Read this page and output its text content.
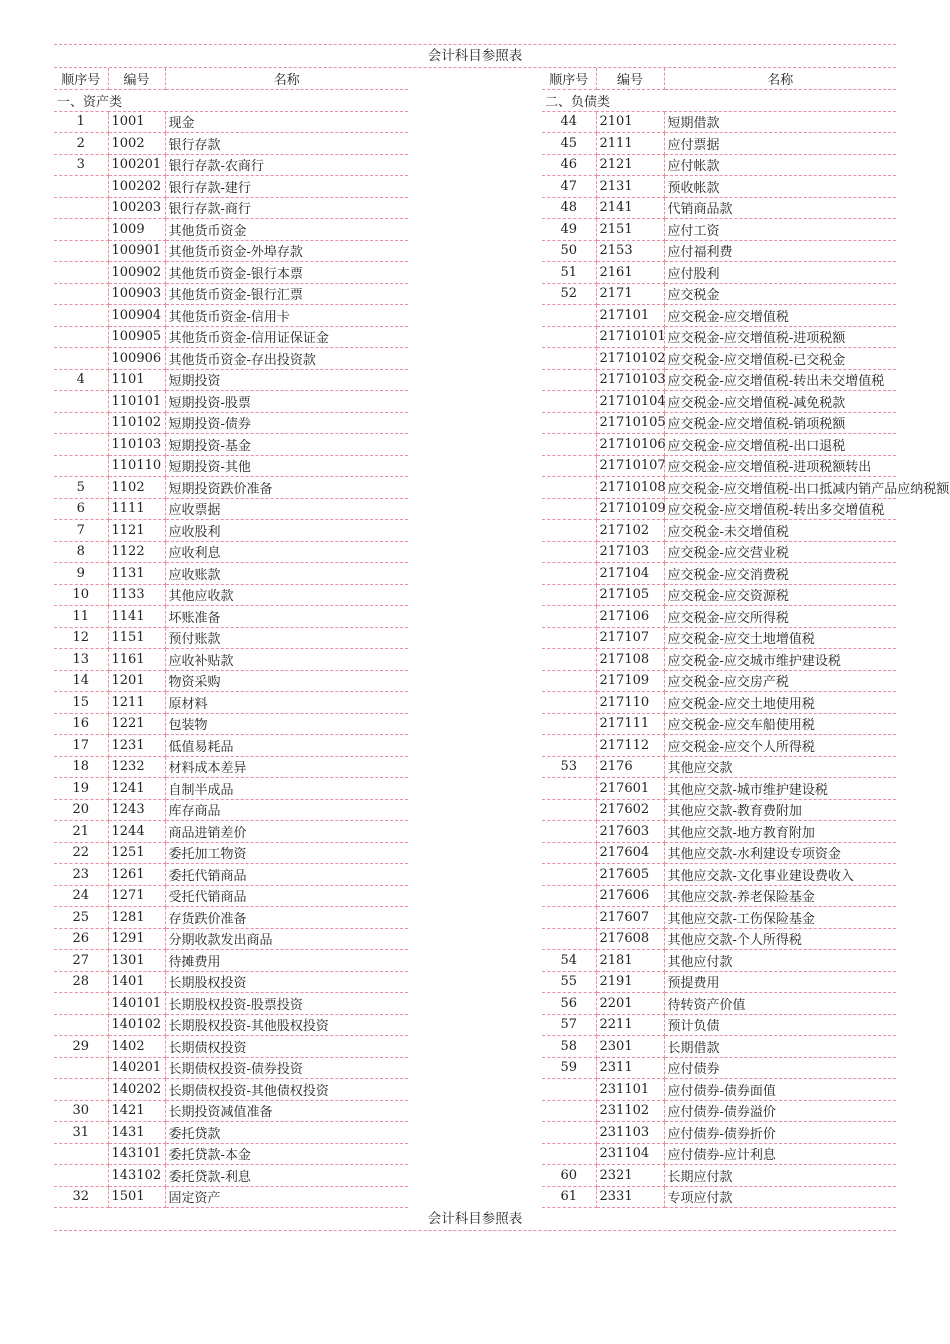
会计科目参照表
顺序号	编号	名称
一、资产类		
1	1001	现金
2	1002	银行存款
3	100201	银行存款-农商行
	100202	银行存款-建行
	100203	银行存款-商行
	1009	其他货币资金
	100901	其他货币资金-外埠存款
	100902	其他货币资金-银行本票
	100903	其他货币资金-银行汇票
	100904	其他货币资金-信用卡
	100905	其他货币资金-信用证保证金
	100906	其他货币资金-存出投资款
4	1101	短期投资
	110101	短期投资-股票
	110102	短期投资-债券
	110103	短期投资-基金
	110110	短期投资-其他
5	1102	短期投资跌价准备
6	1111	应收票据
7	1121	应收股利
8	1122	应收利息
9	1131	应收账款
10	1133	其他应收款
11	1141	坏账准备
12	1151	预付账款
13	1161	应收补贴款
14	1201	物资采购
15	1211	原材料
16	1221	包装物
17	1231	低值易耗品
18	1232	材料成本差异
19	1241	自制半成品
20	1243	库存商品
21	1244	商品进销差价
22	1251	委托加工物资
23	1261	委托代销商品
24	1271	受托代销商品
25	1281	存货跌价准备
26	1291	分期收款发出商品
27	1301	待摊费用
28	1401	长期股权投资
	140101	长期股权投资-股票投资
	140102	长期股权投资-其他股权投资
29	1402	长期债权投资
	140201	长期债权投资-债券投资
	140202	长期债权投资-其他债权投资
30	1421	长期投资减值准备
31	1431	委托贷款
	143101	委托贷款-本金
	143102	委托贷款-利息
32	1501	固定资产
顺序号	编号	名称
二、负债类		
44	2101	短期借款
45	2111	应付票据
46	2121	应付帐款
47	2131	预收帐款
48	2141	代销商品款
49	2151	应付工资
50	2153	应付福利费
51	2161	应付股利
52	2171	应交税金
	217101	应交税金-应交增值税
	21710101	应交税金-应交增值税-进项税额
	21710102	应交税金-应交增值税-已交税金
	21710103	应交税金-应交增值税-转出未交增值税
	21710104	应交税金-应交增值税-减免税款
	21710105	应交税金-应交增值税-销项税额
	21710106	应交税金-应交增值税-出口退税
	21710107	应交税金-应交增值税-进项税额转出
	21710108	应交税金-应交增值税-出口抵减内销产品应纳税额
	21710109	应交税金-应交增值税-转出多交增值税
	217102	应交税金-未交增值税
	217103	应交税金-应交营业税
	217104	应交税金-应交消费税
	217105	应交税金-应交资源税
	217106	应交税金-应交所得税
	217107	应交税金-应交土地增值税
	217108	应交税金-应交城市维护建设税
	217109	应交税金-应交房产税
	217110	应交税金-应交土地使用税
	217111	应交税金-应交车船使用税
	217112	应交税金-应交个人所得税
53	2176	其他应交款
	217601	其他应交款-城市维护建设税
	217602	其他应交款-教育费附加
	217603	其他应交款-地方教育附加
	217604	其他应交款-水利建设专项资金
	217605	其他应交款-文化事业建设费收入
	217606	其他应交款-养老保险基金
	217607	其他应交款-工伤保险基金
	217608	其他应交款-个人所得税
54	2181	其他应付款
55	2191	预提费用
56	2201	待转资产价值
57	2211	预计负债
58	2301	长期借款
59	2311	应付债券
	231101	应付债券-债券面值
	231102	应付债券-债券溢价
	231103	应付债券-债券折价
	231104	应付债券-应计利息
60	2321	长期应付款
61	2331	专项应付款
会计科目参照表
